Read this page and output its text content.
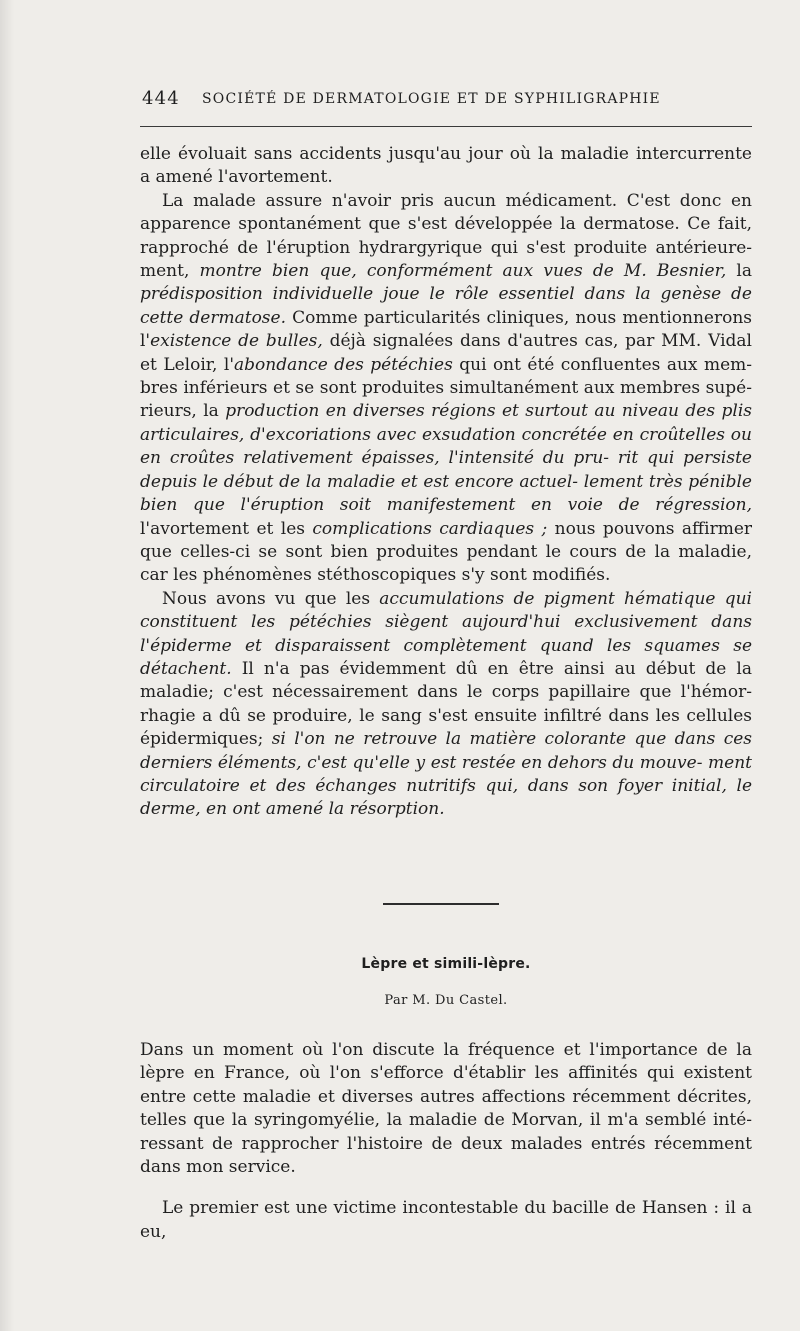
444 SOCIÉTÉ DE DERMATOLOGIE ET DE SYPHILIGRAPHIE

elle évoluait sans accidents jusqu'au jour où la maladie intercurrente a amené l'avortement.

La malade assure n'avoir pris aucun médicament. C'est donc en apparence spontanément que s'est développée la dermatose. Ce fait, rapproché de l'éruption hydrargyrique qui s'est produite antérieure- ment, montre bien que, conformément aux vues de M. Besnier, la prédisposition individuelle joue le rôle essentiel dans la genèse de cette dermatose. Comme particularités cliniques, nous mentionnerons l'existence de bulles, déjà signalées dans d'autres cas, par MM. Vidal et Leloir, l'abondance des pétéchies qui ont été confluentes aux mem- bres inférieurs et se sont produites simultanément aux membres supé- rieurs, la production en diverses régions et surtout au niveau des plis articulaires, d'excoriations avec exsudation concrétée en croûtelles ou en croûtes relativement épaisses, l'intensité du pru- rit qui persiste depuis le début de la maladie et est encore actuel- lement très pénible bien que l'éruption soit manifestement en voie de régression, l'avortement et les complications cardiaques ; nous pouvons affirmer que celles-ci se sont bien produites pendant le cours de la maladie, car les phénomènes stéthoscopiques s'y sont modifiés.

Nous avons vu que les accumulations de pigment hématique qui constituent les pétéchies siègent aujourd'hui exclusivement dans l'épiderme et disparaissent complètement quand les squames se détachent. Il n'a pas évidemment dû en être ainsi au début de la maladie; c'est nécessairement dans le corps papillaire que l'hémor- rhagie a dû se produire, le sang s'est ensuite infiltré dans les cellules épidermiques; si l'on ne retrouve la matière colorante que dans ces derniers éléments, c'est qu'elle y est restée en dehors du mouve- ment circulatoire et des échanges nutritifs qui, dans son foyer initial, le derme, en ont amené la résorption.

Lèpre et simili-lèpre.
Par M. Du Castel.

Dans un moment où l'on discute la fréquence et l'importance de la lèpre en France, où l'on s'efforce d'établir les affinités qui existent entre cette maladie et diverses autres affections récemment décrites, telles que la syringomyélie, la maladie de Morvan, il m'a semblé inté- ressant de rapprocher l'histoire de deux malades entrés récemment dans mon service.

Le premier est une victime incontestable du bacille de Hansen : il a eu,
